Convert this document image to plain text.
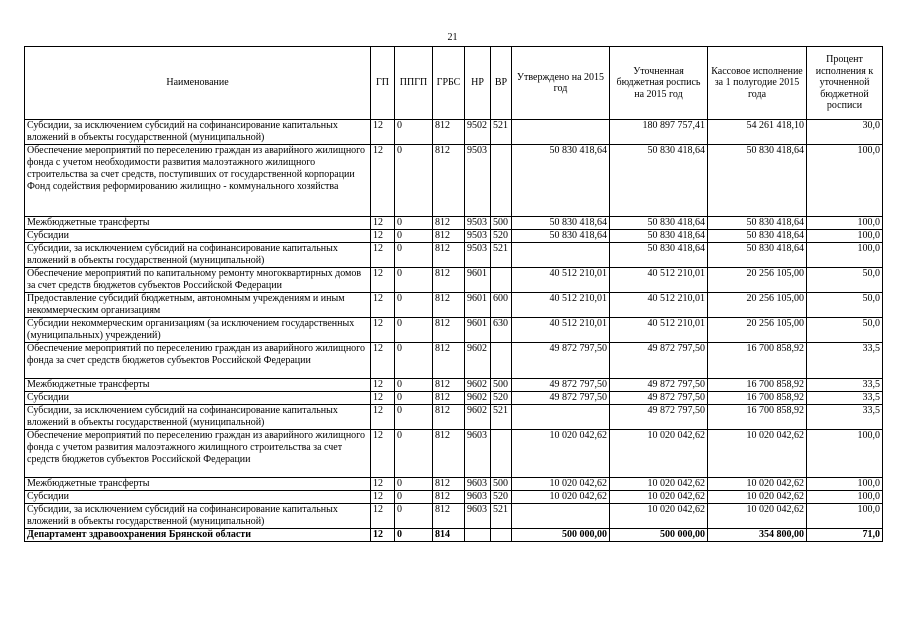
21
Наименование	ГП	ППГП	ГРБС	НР	ВР	Утверждено на 2015 год	Уточненная бюджетная роспись на 2015 год	Кассовое исполнение за 1 полугодие 2015 года	Процент исполнения к уточненной бюджетной росписи
Субсидии, за исключением субсидий на софинансирование капитальных вложений в объекты государственной (муниципальной)	12	0	812	9502	521		180 897 757,41	54 261 418,10	30,0
Обеспечение мероприятий по переселению граждан из аварийного жилищного фонда с учетом необходимости развития малоэтажного жилищного строительства за счет средств, поступивших от государственной корпорации Фонд содействия реформированию жилищно - коммунального хозяйства	12	0	812	9503		50 830 418,64	50 830 418,64	50 830 418,64	100,0
Межбюджетные трансферты	12	0	812	9503	500	50 830 418,64	50 830 418,64	50 830 418,64	100,0
Субсидии	12	0	812	9503	520	50 830 418,64	50 830 418,64	50 830 418,64	100,0
Субсидии, за исключением субсидий на софинансирование капитальных вложений в объекты государственной (муниципальной)	12	0	812	9503	521		50 830 418,64	50 830 418,64	100,0
Обеспечение мероприятий по капитальному ремонту многоквартирных домов за счет средств бюджетов субъектов Российской Федерации	12	0	812	9601		40 512 210,01	40 512 210,01	20 256 105,00	50,0
Предоставление субсидий бюджетным, автономным учреждениям и иным некоммерческим организациям	12	0	812	9601	600	40 512 210,01	40 512 210,01	20 256 105,00	50,0
Субсидии некоммерческим организациям (за исключением государственных (муниципальных) учреждений)	12	0	812	9601	630	40 512 210,01	40 512 210,01	20 256 105,00	50,0
Обеспечение мероприятий по переселению граждан из аварийного жилищного фонда за счет средств бюджетов субъектов Российской Федерации	12	0	812	9602		49 872 797,50	49 872 797,50	16 700 858,92	33,5
Межбюджетные трансферты	12	0	812	9602	500	49 872 797,50	49 872 797,50	16 700 858,92	33,5
Субсидии	12	0	812	9602	520	49 872 797,50	49 872 797,50	16 700 858,92	33,5
Субсидии, за исключением субсидий на софинансирование капитальных вложений в объекты государственной (муниципальной)	12	0	812	9602	521		49 872 797,50	16 700 858,92	33,5
Обеспечение мероприятий по переселению граждан из аварийного жилищного фонда с учетом развития малоэтажного жилищного строительства за счет средств бюджетов субъектов Российской Федерации	12	0	812	9603		10 020 042,62	10 020 042,62	10 020 042,62	100,0
Межбюджетные трансферты	12	0	812	9603	500	10 020 042,62	10 020 042,62	10 020 042,62	100,0
Субсидии	12	0	812	9603	520	10 020 042,62	10 020 042,62	10 020 042,62	100,0
Субсидии, за исключением субсидий на софинансирование капитальных вложений в объекты государственной (муниципальной)	12	0	812	9603	521		10 020 042,62	10 020 042,62	100,0
Департамент здравоохранения Брянской области	12	0	814			500 000,00	500 000,00	354 800,00	71,0
